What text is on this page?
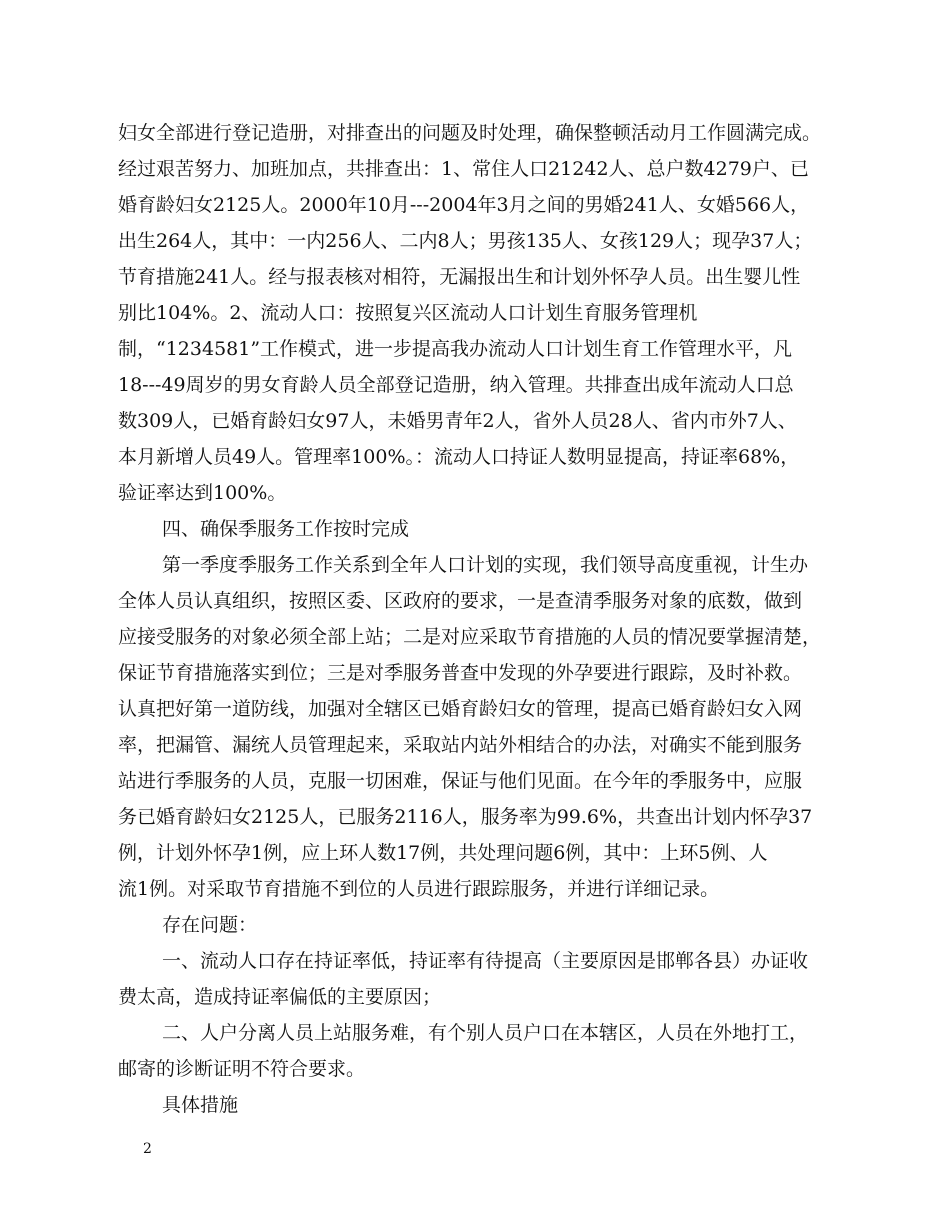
妇女全部进行登记造册，对排查出的问题及时处理，确保整顿活动月工作圆满完成。
经过艰苦努力、加班加点，共排查出：1、常住人口21242人、总户数4279户、已
婚育龄妇女2125人。2000年10月---2004年3月之间的男婚241人、女婚566人，
出生264人，其中：一内256人、二内8人；男孩135人、女孩129人；现孕37人；
节育措施241人。经与报表核对相符，无漏报出生和计划外怀孕人员。出生婴儿性
别比104%。2、流动人口：按照复兴区流动人口计划生育服务管理机
制，“1234581”工作模式，进一步提高我办流动人口计划生育工作管理水平，凡
18---49周岁的男女育龄人员全部登记造册，纳入管理。共排查出成年流动人口总
数309人，已婚育龄妇女97人，未婚男青年2人，省外人员28人、省内市外7人、
本月新增人员49人。管理率100%。：流动人口持证人数明显提高，持证率68%，
验证率达到100%。
四、确保季服务工作按时完成
第一季度季服务工作关系到全年人口计划的实现，我们领导高度重视，计生办
全体人员认真组织，按照区委、区政府的要求，一是查清季服务对象的底数，做到
应接受服务的对象必须全部上站；二是对应采取节育措施的人员的情况要掌握清楚，
保证节育措施落实到位；三是对季服务普查中发现的外孕要进行跟踪，及时补救。
认真把好第一道防线，加强对全辖区已婚育龄妇女的管理，提高已婚育龄妇女入网
率，把漏管、漏统人员管理起来，采取站内站外相结合的办法，对确实不能到服务
站进行季服务的人员，克服一切困难，保证与他们见面。在今年的季服务中，应服
务已婚育龄妇女2125人，已服务2116人，服务率为99.6%，共查出计划内怀孕37
例，计划外怀孕1例，应上环人数17例，共处理问题6例，其中：上环5例、人
流1例。对采取节育措施不到位的人员进行跟踪服务，并进行详细记录。
存在问题：
一、流动人口存在持证率低，持证率有待提高（主要原因是邯郸各县）办证收
费太高，造成持证率偏低的主要原因；
二、人户分离人员上站服务难，有个别人员户口在本辖区，人员在外地打工，
邮寄的诊断证明不符合要求。
具体措施
2
